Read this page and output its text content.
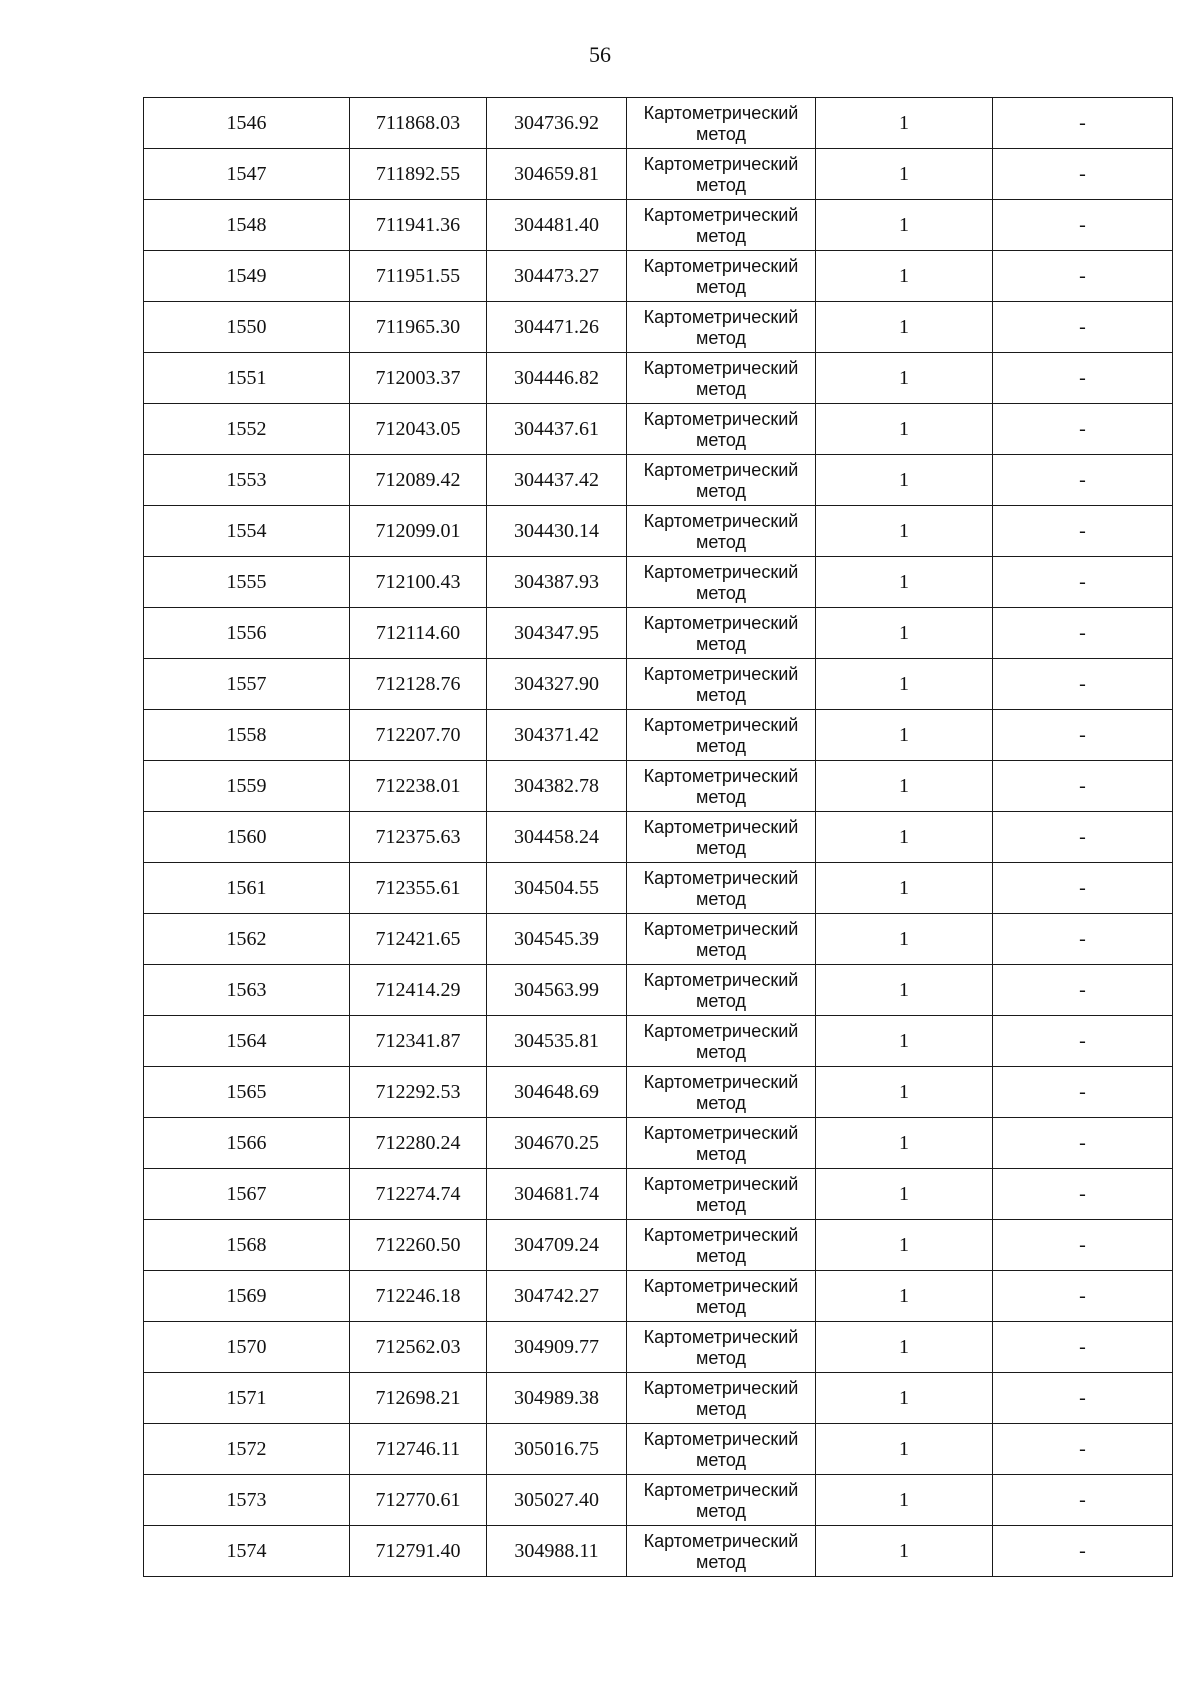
56
1546	711868.03	304736.92	Картометрический
метод	1	-
1547	711892.55	304659.81	Картометрический
метод	1	-
1548	711941.36	304481.40	Картометрический
метод	1	-
1549	711951.55	304473.27	Картометрический
метод	1	-
1550	711965.30	304471.26	Картометрический
метод	1	-
1551	712003.37	304446.82	Картометрический
метод	1	-
1552	712043.05	304437.61	Картометрический
метод	1	-
1553	712089.42	304437.42	Картометрический
метод	1	-
1554	712099.01	304430.14	Картометрический
метод	1	-
1555	712100.43	304387.93	Картометрический
метод	1	-
1556	712114.60	304347.95	Картометрический
метод	1	-
1557	712128.76	304327.90	Картометрический
метод	1	-
1558	712207.70	304371.42	Картометрический
метод	1	-
1559	712238.01	304382.78	Картометрический
метод	1	-
1560	712375.63	304458.24	Картометрический
метод	1	-
1561	712355.61	304504.55	Картометрический
метод	1	-
1562	712421.65	304545.39	Картометрический
метод	1	-
1563	712414.29	304563.99	Картометрический
метод	1	-
1564	712341.87	304535.81	Картометрический
метод	1	-
1565	712292.53	304648.69	Картометрический
метод	1	-
1566	712280.24	304670.25	Картометрический
метод	1	-
1567	712274.74	304681.74	Картометрический
метод	1	-
1568	712260.50	304709.24	Картометрический
метод	1	-
1569	712246.18	304742.27	Картометрический
метод	1	-
1570	712562.03	304909.77	Картометрический
метод	1	-
1571	712698.21	304989.38	Картометрический
метод	1	-
1572	712746.11	305016.75	Картометрический
метод	1	-
1573	712770.61	305027.40	Картометрический
метод	1	-
1574	712791.40	304988.11	Картометрический
метод	1	-
